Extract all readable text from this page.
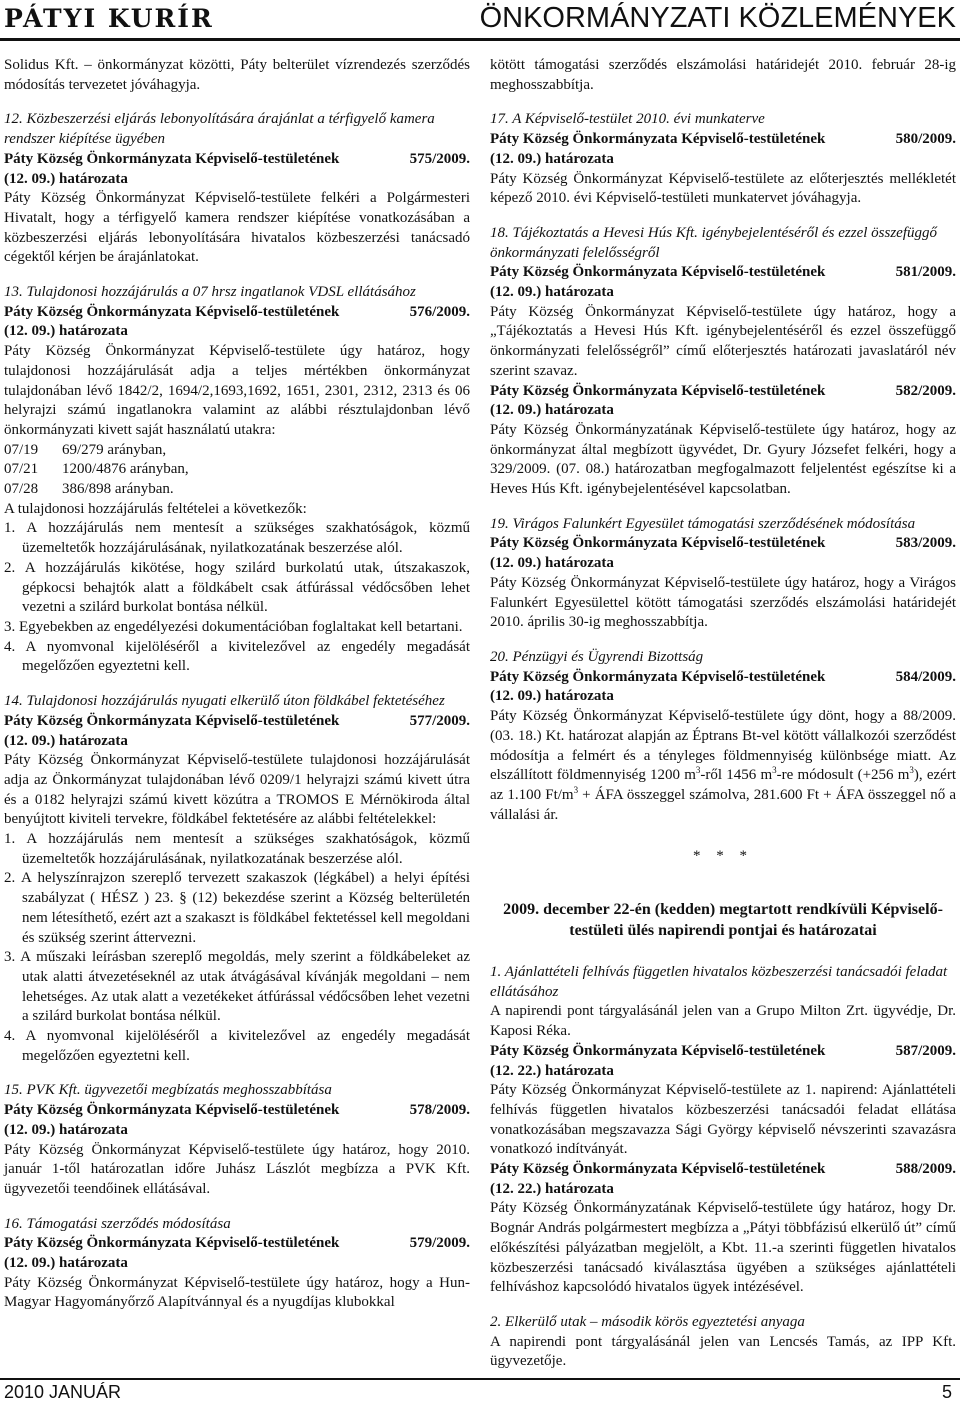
PÁTYI KURÍR	ÖNKORMÁNYZATI KÖZLEMÉNYEK

Solidus Kft. – önkormányzat közötti, Páty belterület vízrendezés szerződés módosítás tervezetet jóváhagyja.

12. Közbeszerzési eljárás lebonyolítására árajánlat a térfigyelő kamera rendszer kiépítése ügyében

Páty Község Önkormányzata Képviselő-testületének	575/2009.

(12. 09.) határozata

Páty Község Önkormányzat Képviselő-testülete felkéri a Polgármesteri Hivatalt, hogy a térfigyelő kamera rendszer kiépítése vonatkozásában a közbeszerzési eljárás lebonyolítására hivatalos közbeszerzési tanácsadó cégektől kérjen be árajánlatokat.

13. Tulajdonosi hozzájárulás a 07 hrsz ingatlanok VDSL ellátásához

Páty Község Önkormányzata Képviselő-testületének	576/2009.

(12. 09.) határozata

Páty Község Önkormányzat Képviselő-testülete úgy határoz, hogy tulajdonosi hozzájárulását adja a teljes mértékben önkormányzat tulajdonában lévő 1842/2, 1694/2,1693,1692, 1651, 2301, 2312, 2313 és 06 helyrajzi számú ingatlanokra valamint az alábbi résztulajdonban lévő önkormányzati kivett saját használatú utakra:

07/19	69/279 arányban,
07/21	1200/4876 arányban,
07/28	386/898 arányban.

A tulajdonosi hozzájárulás feltételei a következők:

1. A hozzájárulás nem mentesít a szükséges szakhatóságok, közmű üzemeltetők hozzájárulásának, nyilatkozatának beszerzése alól.

2. A hozzájárulás kikötése, hogy szilárd burkolatú utak, útszakaszok, gépkocsi behajtók alatt a földkábelt csak átfúrással védőcsőben lehet vezetni a szilárd burkolat bontása nélkül.

3. Egyebekben az engedélyezési dokumentációban foglaltakat kell betartani.

4. A nyomvonal kijelöléséről a kivitelezővel az engedély megadását megelőzően egyeztetni kell.

14. Tulajdonosi hozzájárulás nyugati elkerülő úton földkábel fektetéséhez

Páty Község Önkormányzata Képviselő-testületének	577/2009.

(12. 09.) határozata

Páty Község Önkormányzat Képviselő-testülete tulajdonosi hozzájárulását adja az Önkormányzat tulajdonában lévő 0209/1 helyrajzi számú kivett útra és a 0182 helyrajzi számú kivett közútra a TROMOS E Mérnökiroda által benyújtott kiviteli tervekre, földkábel fektetésére az alábbi feltételekkel:

1. A hozzájárulás nem mentesít a szükséges szakhatóságok, közmű üzemeltetők hozzájárulásának, nyilatkozatának beszerzése alól.

2. A helyszínrajzon szereplő tervezett szakaszok (légkábel) a helyi építési szabályzat ( HÉSZ ) 23. § (12) bekezdése szerint a Község belterületén nem létesíthető, ezért azt a szakaszt is földkábel fektetéssel kell megoldani és szükség szerint áttervezni.

3. A műszaki leírásban szereplő megoldás, mely szerint a földkábeleket az utak alatti átvezetéseknél az utak átvágásával kívánják megoldani – nem lehetséges. Az utak alatt a vezetékeket átfúrással védőcsőben lehet vezetni a szilárd burkolat bontása nélkül.

4. A nyomvonal kijelöléséről a kivitelezővel az engedély megadását megelőzően egyeztetni kell.

15. PVK Kft. ügyvezetői megbízatás meghosszabbítása

Páty Község Önkormányzata Képviselő-testületének	578/2009.

(12. 09.) határozata

Páty Község Önkormányzat Képviselő-testülete úgy határoz, hogy 2010. január 1-től határozatlan időre Juhász Lászlót megbízza a PVK Kft. ügyvezetői teendőinek ellátásával.

16. Támogatási szerződés módosítása

Páty Község Önkormányzata Képviselő-testületének	579/2009.

(12. 09.) határozata

Páty Község Önkormányzat Képviselő-testülete úgy határoz, hogy a Hun-Magyar Hagyományőrző Alapítvánnyal és a nyugdíjas klubokkal

kötött támogatási szerződés elszámolási határidejét 2010. február 28-ig meghosszabbítja.

17. A Képviselő-testület 2010. évi munkaterve

Páty Község Önkormányzata Képviselő-testületének	580/2009.

(12. 09.) határozata

Páty Község Önkormányzat Képviselő-testülete az előterjesztés mellékletét képező 2010. évi Képviselő-testületi munkatervet jóváhagyja.

18. Tájékoztatás a Hevesi Hús Kft. igénybejelentéséről és ezzel összefüggő önkormányzati felelősségről

Páty Község Önkormányzata Képviselő-testületének	581/2009.

(12. 09.) határozata

Páty Község Önkormányzat Képviselő-testülete úgy határoz, hogy a „Tájékoztatás a Hevesi Hús Kft. igénybejelentéséről és ezzel összefüggő önkormányzati felelősségről” című előterjesztés határozati javaslatáról név szerint szavaz.

Páty Község Önkormányzata Képviselő-testületének	582/2009.

(12. 09.) határozata

Páty Község Önkormányzatának Képviselő-testülete úgy határoz, hogy az önkormányzat által megbízott ügyvédet, Dr. Gyury Józsefet felkéri, hogy a 329/2009. (07. 08.) határozatban megfogalmazott feljelentést egészítse ki a Heves Hús Kft. igénybejelentésével kapcsolatban.

19. Virágos Falunkért Egyesület támogatási szerződésének módosítása

Páty Község Önkormányzata Képviselő-testületének	583/2009.

(12. 09.) határozata

Páty Község Önkormányzat Képviselő-testülete úgy határoz, hogy a Virágos Falunkért Egyesülettel kötött támogatási szerződés elszámolási határidejét 2010. április 30-ig meghosszabbítja.

20. Pénzügyi és Ügyrendi Bizottság

Páty Község Önkormányzata Képviselő-testületének	584/2009.

(12. 09.) határozata

Páty Község Önkormányzat Képviselő-testülete úgy dönt, hogy a 88/2009. (03. 18.) Kt. határozat alapján az Éptrans Bt-vel kötött vállalkozói szerződést módosítja a felmért és a tényleges földmennyiség különbsége miatt. Az elszállított földmennyiség 1200 $m^3$-ről 1456 $m^3-re$ módosult (+256 $m^3$), ezért az 1.100 $Ft/m^3$ + ÁFA összeggel számolva, 281.600 Ft + ÁFA összeggel nő a vállalási ár.

* * *
2009. december 22-én (kedden) megtartott rendkívüli Képviselő-testületi ülés napirendi pontjai és határozatai

1. Ajánlattételi felhívás független hivatalos közbeszerzési tanácsadói feladat ellátásához

A napirendi pont tárgyalásánál jelen van a Grupo Milton Zrt. ügyvédje, Dr. Kaposi Réka.

Páty Község Önkormányzata Képviselő-testületének	587/2009.

(12. 22.) határozata

Páty Község Önkormányzat Képviselő-testülete az 1. napirend: Ajánlattételi felhívás független hivatalos közbeszerzési tanácsadói feladat ellátása vonatkozásában megszavazza Sági György képviselő névszerinti szavazásra vonatkozó indítványát.

Páty Község Önkormányzata Képviselő-testületének	588/2009.

(12. 22.) határozata

Páty Község Önkormányzatának Képviselő-testülete úgy határoz, hogy Dr. Bognár András polgármestert megbízza a „Pátyi többfázisú elkerülő út” című előkészítési pályázatban megjelölt, a Kbt. 11.-a szerinti független hivatalos közbeszerzési tanácsadó kiválasztása ügyében a szükséges ajánlattételi felhíváshoz kapcsolódó hivatalos ügyek intézésével.

2. Elkerülő utak – második körös egyeztetési anyaga

A napirendi pont tárgyalásánál jelen van Lencsés Tamás, az IPP Kft. ügyvezetője.

2010 JANUÁR	5
